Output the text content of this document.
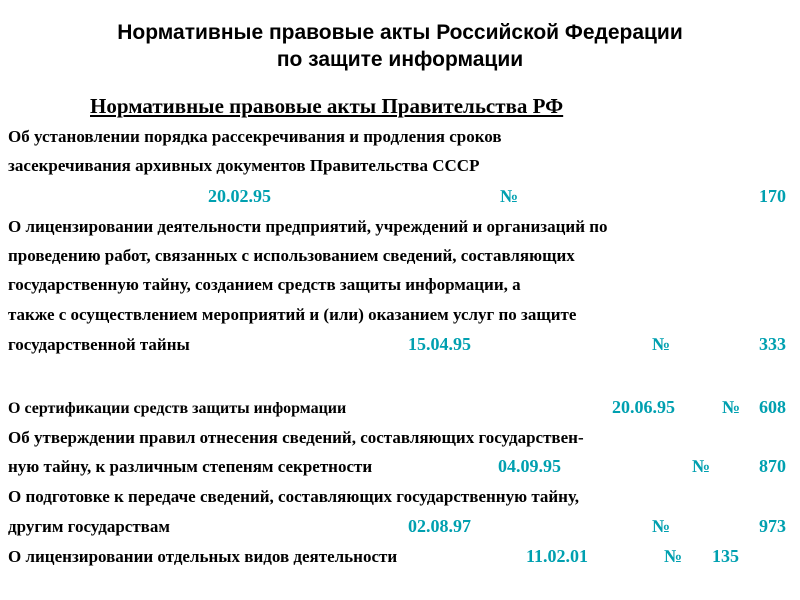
Нормативные правовые акты Российской Федерации
по защите информации
Нормативные правовые акты Правительства РФ
Об установлении порядка рассекречивания и продления сроков
засекречивания архивных документов Правительства СССР
20.02.95	№	170
О лицензировании деятельности предприятий, учреждений и организаций по
проведению работ, связанных с использованием сведений, составляющих
государственную тайну, созданием средств защиты информации, а
также с осуществлением мероприятий и (или) оказанием услуг по защите
государственной тайны	15.04.95	№	333
О сертификации средств защиты информации	20.06.95	№ 608
Об утверждении правил отнесения сведений, составляющих государствен-
ную тайну, к различным степеням секретности	04.09.95	№	870
О подготовке к передаче сведений, составляющих государственную тайну,
другим государствам	02.08.97	№	973
О лицензировании отдельных видов деятельности	11.02.01	№ 135
